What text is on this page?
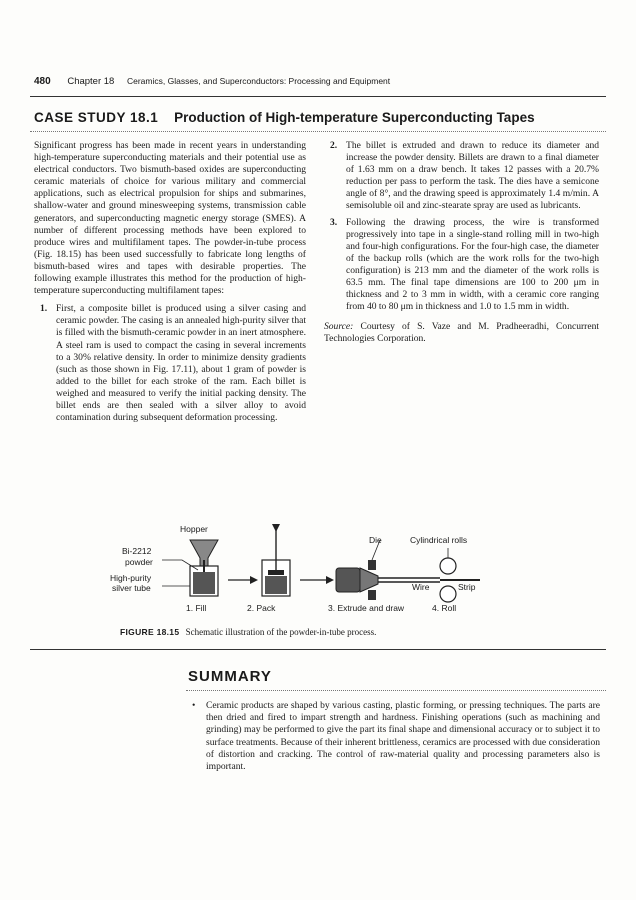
480 Chapter 18 Ceramics, Glasses, and Superconductors: Processing and Equipment
CASE STUDY 18.1 Production of High-temperature Superconducting Tapes

Significant progress has been made in recent years in understanding high-temperature superconducting materials and their potential use as electrical conductors. Two bismuth-based oxides are superconducting ceramic materials of choice for various military and commercial applications, such as electrical propulsion for ships and submarines, shallow-water and ground minesweeping systems, transmission cable generators, and superconducting magnetic energy storage (SMES). A number of different processing methods have been explored to produce wires and multifilament tapes. The powder-in-tube process (Fig. 18.15) has been used successfully to fabricate long lengths of bismuth-based wires and tapes with desirable properties. The following example illustrates this method for the production of high-temperature superconducting multifilament tapes:

1. First, a composite billet is produced using a silver casing and ceramic powder. The casing is an annealed high-purity silver that is filled with the bismuth-ceramic powder in an inert atmosphere. A steel ram is used to compact the casing in several increments to a 30% relative density. In order to minimize density gradients (such as those shown in Fig. 17.11), about 1 gram of powder is added to the billet for each stroke of the ram. Each billet is weighed and measured to verify the initial packing density. The billet ends are then sealed with a silver alloy to avoid contamination during subsequent deformation processing.
2. The billet is extruded and drawn to reduce its diameter and increase the powder density. Billets are drawn to a final diameter of 1.63 mm on a draw bench. It takes 12 passes with a 20.7% reduction per pass to perform the task. The dies have a semicone angle of 8°, and the drawing speed is approximately 1.4 m/min. A semisoluble oil and zinc-stearate spray are used as lubricants.
3. Following the drawing process, the wire is transformed progressively into tape in a single-stand rolling mill in two-high and four-high configurations. For the four-high case, the diameter of the backup rolls (which are the work rolls for the two-high configuration) is 213 mm and the diameter of the work rolls is 63.5 mm. The final tape dimensions are 100 to 200 μm in thickness and 2 to 3 mm in width, with a ceramic core ranging from 40 to 80 μm in thickness and 1.0 to 1.5 mm in width.

Source: Courtesy of S. Vaze and M. Pradheeradhi, Concurrent Technologies Corporation.

Hopper
Bi-2212
powder
High-purity
silver tube
Die	Cylindrical rolls
Wire	Strip
1. Fill	2. Pack	3. Extrude and draw	4. Roll
FIGURE 18.15 Schematic illustration of the powder-in-tube process.
SUMMARY
• Ceramic products are shaped by various casting, plastic forming, or pressing techniques. The parts are then dried and fired to impart strength and hardness. Finishing operations (such as machining and grinding) may be performed to give the part its final shape and dimensional accuracy or to subject it to surface treatments. Because of their inherent brittleness, ceramics are processed with due consideration of distortion and cracking. The control of raw-material quality and processing parameters also is important.
